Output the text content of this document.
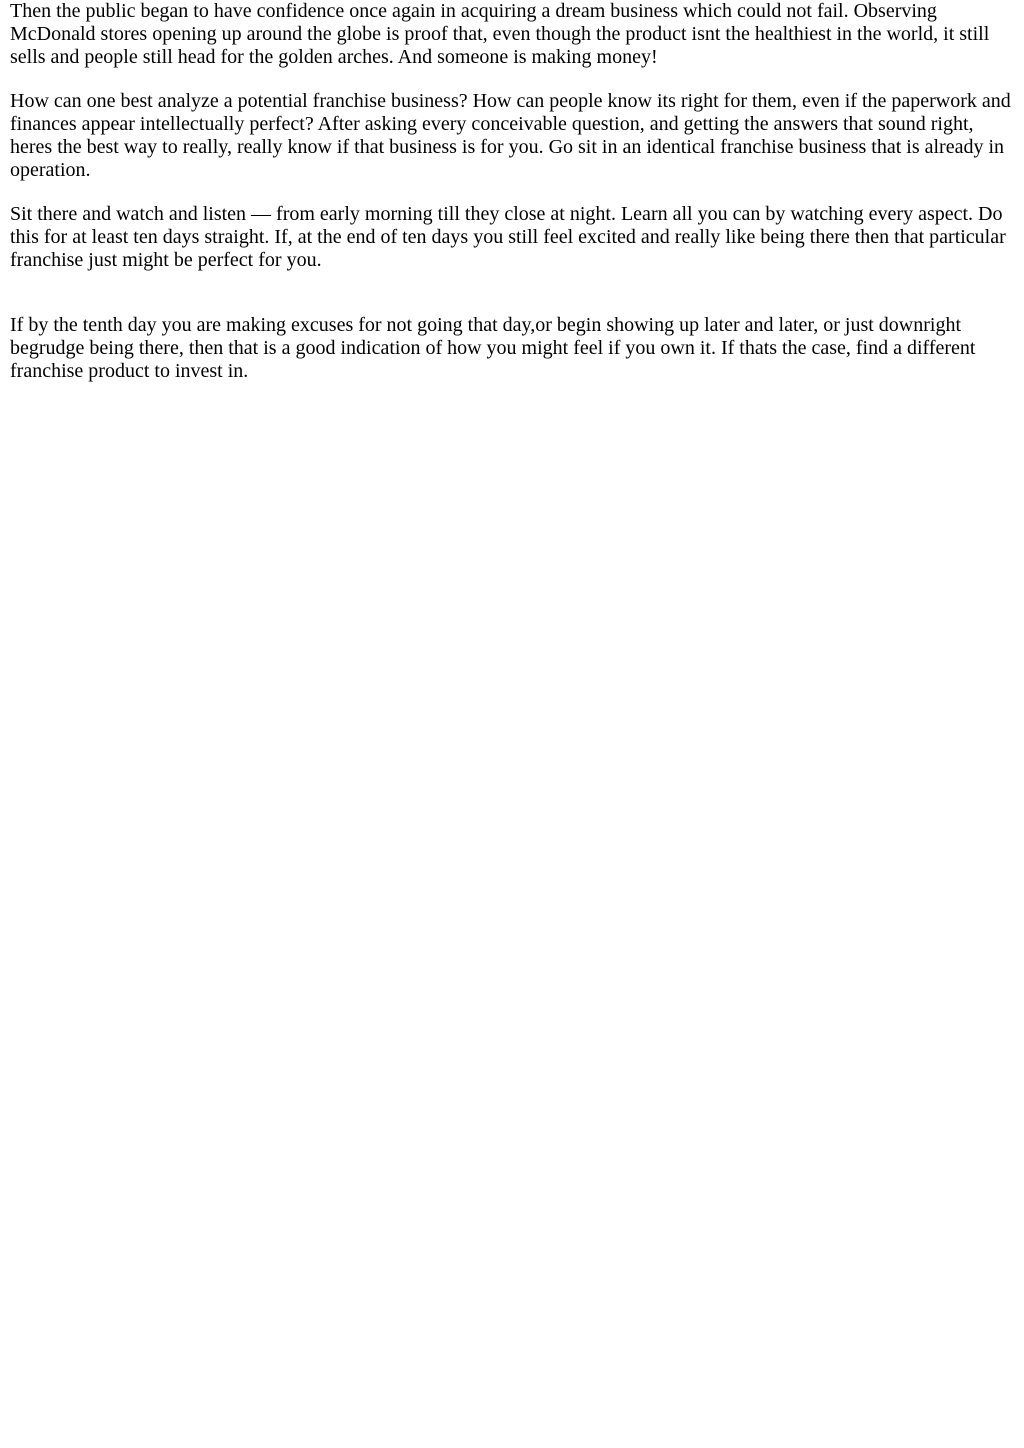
Then the public began to have confidence once again in acquiring a dream business which could not fail. Observing McDonald stores opening up around the globe is proof that, even though the product isnt the healthiest in the world, it still sells and people still head for the golden arches. And someone is making money!

How can one best analyze a potential franchise business? How can people know its right for them, even if the paperwork and finances appear intellectually perfect? After asking every conceivable question, and getting the answers that sound right, heres the best way to really, really know if that business is for you. Go sit in an identical franchise business that is already in operation.

Sit there and watch and listen — from early morning till they close at night. Learn all you can by watching every aspect. Do this for at least ten days straight. If, at the end of ten days you still feel excited and really like being there then that particular franchise just might be perfect for you.

If by the tenth day you are making excuses for not going that day,or begin showing up later and later, or just downright begrudge being there, then that is a good indication of how you might feel if you own it. If thats the case, find a different franchise product to invest in.
